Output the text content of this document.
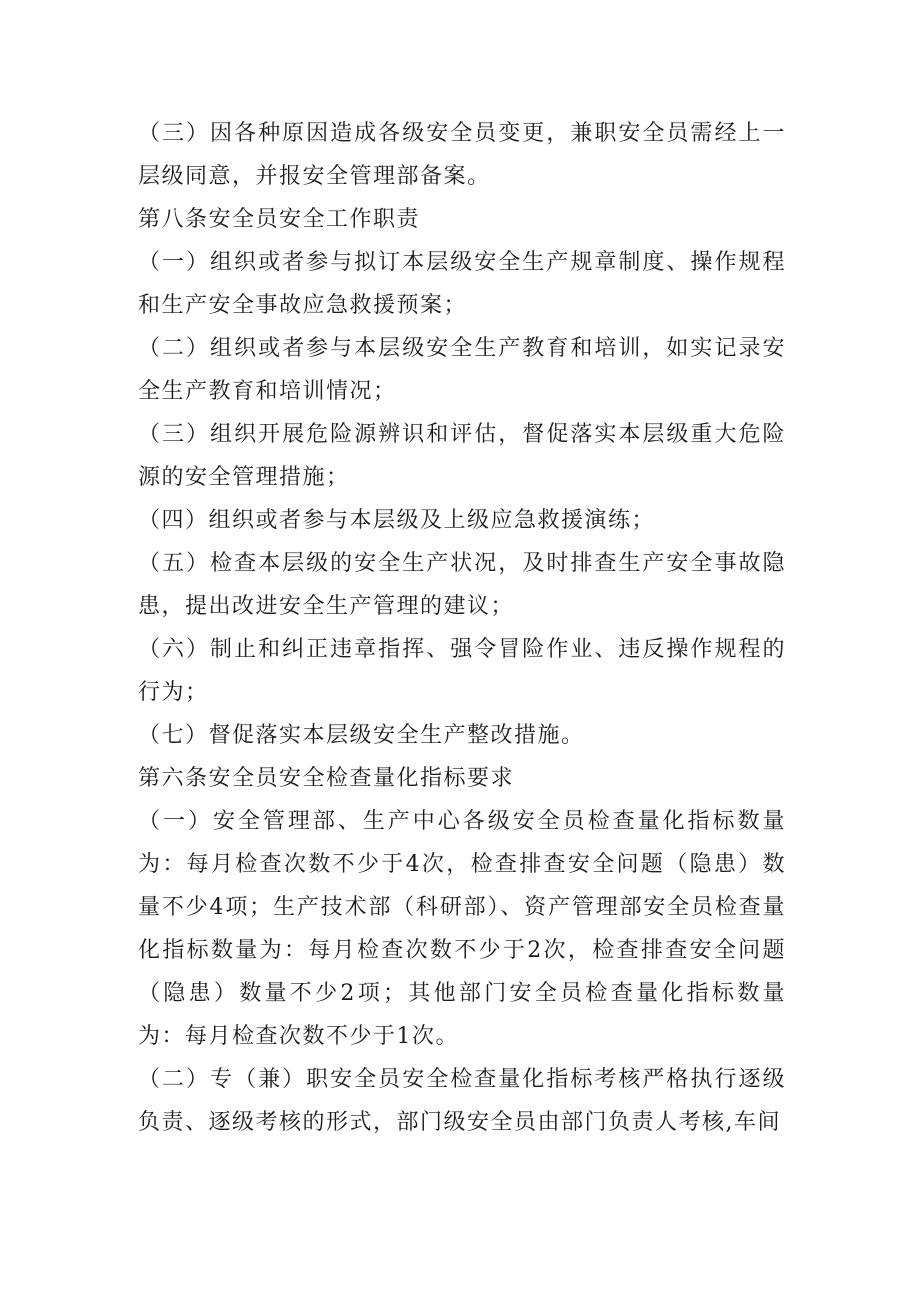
（三）因各种原因造成各级安全员变更，兼职安全员需经上一层级同意，并报安全管理部备案。

第八条安全员安全工作职责

（一）组织或者参与拟订本层级安全生产规章制度、操作规程和生产安全事故应急救援预案；

（二）组织或者参与本层级安全生产教育和培训，如实记录安全生产教育和培训情况；

（三）组织开展危险源辨识和评估，督促落实本层级重大危险源的安全管理措施；

（四）组织或者参与本层级及上级应急救援演练；

（五）检查本层级的安全生产状况，及时排查生产安全事故隐患，提出改进安全生产管理的建议；

（六）制止和纠正违章指挥、强令冒险作业、违反操作规程的行为；

（七）督促落实本层级安全生产整改措施。

第六条安全员安全检查量化指标要求

（一）安全管理部、生产中心各级安全员检查量化指标数量为：每月检查次数不少于4次，检查排查安全问题（隐患）数量不少4项；生产技术部（科研部）、资产管理部安全员检查量化指标数量为：每月检查次数不少于2次，检查排查安全问题（隐患）数量不少2项；其他部门安全员检查量化指标数量为：每月检查次数不少于1次。

（二）专（兼）职安全员安全检查量化指标考核严格执行逐级负责、逐级考核的形式，部门级安全员由部门负责人考核,车间
